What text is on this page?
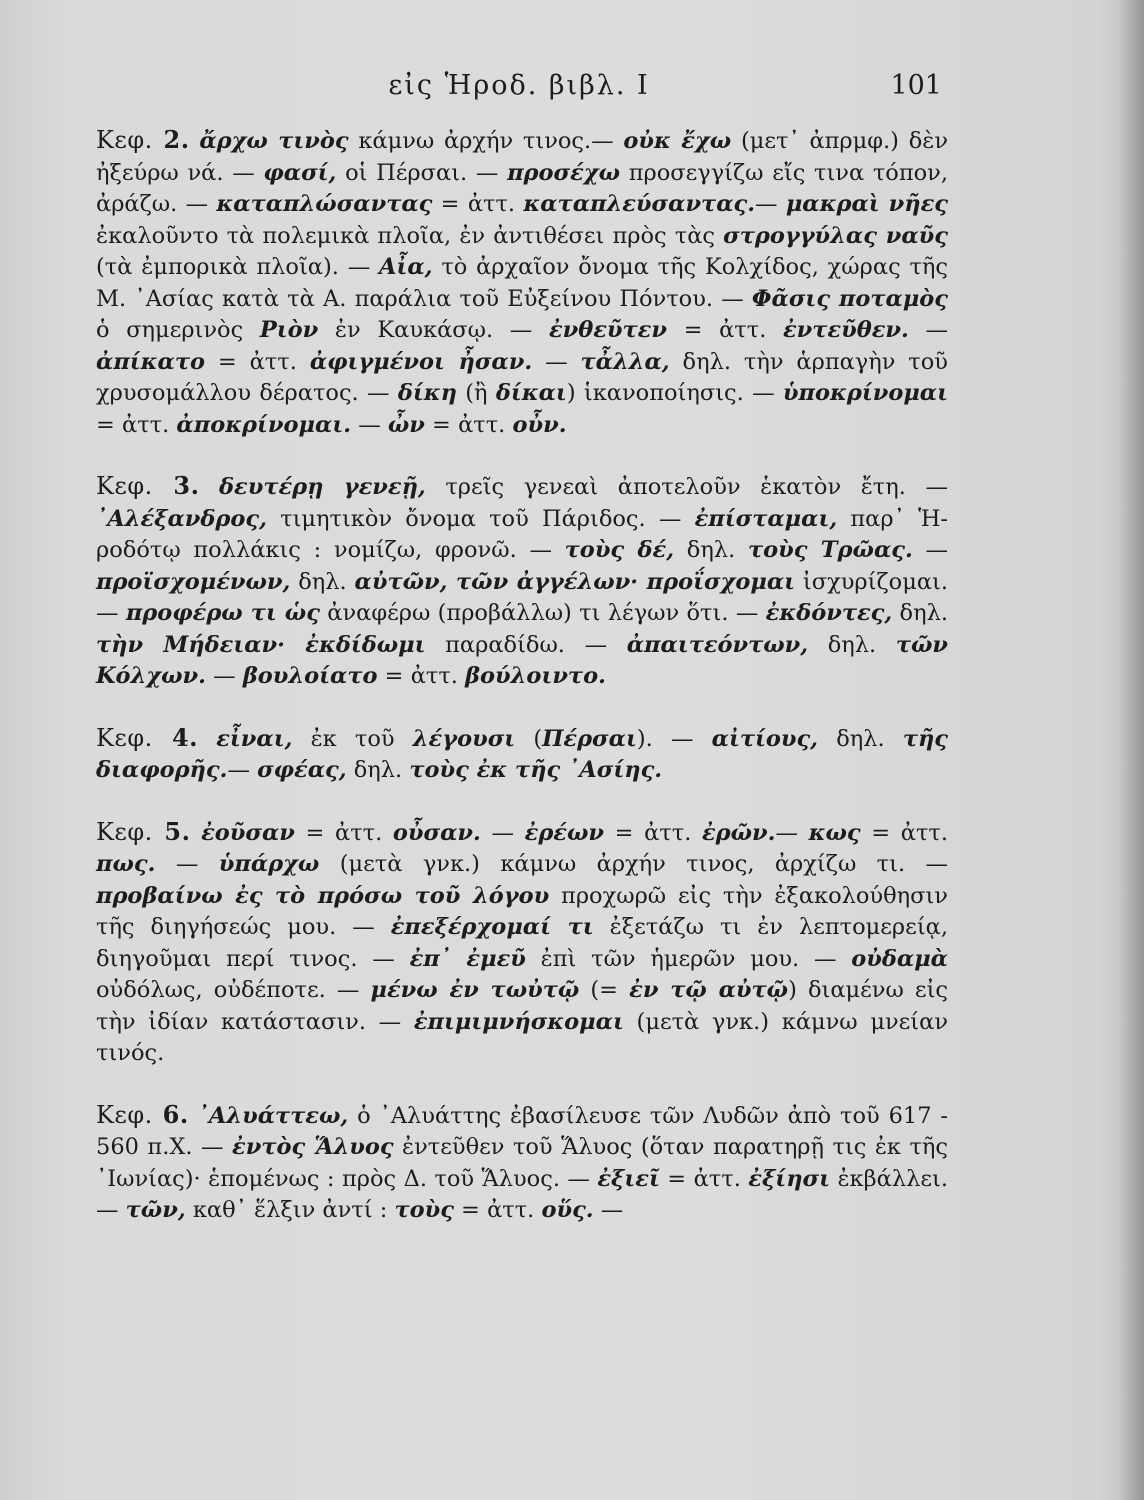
εἰς Ἡροδ. βιβλ. I	101

Κεφ. 2. ἄρχω τινὸς κάμνω ἀρχήν τινος.— οὐκ ἔχω (μετ᾽ ἀπρμφ.) δὲν ἠξεύρω νά. — φασί, οἱ Πέρσαι. — προσέχω προσεγγίζω εἴς τινα τόπον, ἀράζω. — καταπλώσαντας = ἀττ. καταπλεύσαντας.— μακραὶ νῆες ἐκαλοῦντο τὰ πολεμικὰ πλοῖα, ἐν ἀντιθέσει πρὸς τὰς στρογγύλας ναῦς (τὰ ἐμπορικὰ πλοῖα). — Αἶα, τὸ ἀρχαῖον ὄνομα τῆς Κολχίδος, χώρας τῆς Μ. ᾽Ασίας κατὰ τὰ Α. παράλια τοῦ Εὐξείνου Πόντου. — Φᾶσις ποταμὸς ὁ σημερινὸς Ριὸν ἐν Καυκάσῳ. — ἐνθεῦτεν = ἀττ. ἐντεῦθεν. — ἀπίκατο = ἀττ. ἀφιγμένοι ἦσαν. — τἆλλα, δηλ. τὴν ἁρπαγὴν τοῦ χρυσομάλλου δέρατος. — δίκη (ἢ δίκαι) ἱκανοποίησις. — ὑποκρίνομαι = ἀττ. ἀποκρίνομαι. — ὦν = ἀττ. οὖν.

Κεφ. 3. δευτέρῃ γενεῇ, τρεῖς γενεαὶ ἀποτελοῦν ἑκατὸν ἔτη. — ᾽Αλέξανδρος, τιμητικὸν ὄνομα τοῦ Πάριδος. — ἐπίσταμαι, παρ᾽ Ἡροδότῳ πολλάκις : νομίζω, φρονῶ. — τοὺς δέ, δηλ. τοὺς Τρῶας. — προϊσχομένων, δηλ. αὐτῶν, τῶν ἀγγέλων· προΐσχομαι ἰσχυρίζομαι. — προφέρω τι ὡς ἀναφέρω (προβάλλω) τι λέγων ὅτι. — ἐκδόντες, δηλ. τὴν Μήδειαν· ἐκδίδωμι παραδίδω. — ἀπαιτεόντων, δηλ. τῶν Κόλχων. — βουλοίατο = ἀττ. βούλοιντο.

Κεφ. 4. εἶναι, ἐκ τοῦ λέγουσι (Πέρσαι). — αἰτίους, δηλ. τῆς διαφορῆς.— σφέας, δηλ. τοὺς ἐκ τῆς ᾽Ασίης.

Κεφ. 5. ἐοῦσαν = ἀττ. οὖσαν. — ἐρέων = ἀττ. ἐρῶν.— κως = ἀττ. πως. — ὑπάρχω (μετὰ γνκ.) κάμνω ἀρχήν τινος, ἀρχίζω τι. — προβαίνω ἐς τὸ πρόσω τοῦ λόγου προχωρῶ εἰς τὴν ἐξακολούθησιν τῆς διηγήσεώς μου. — ἐπεξέρχομαί τι ἐξετάζω τι ἐν λεπτομερείᾳ, διηγοῦμαι περί τινος. — ἐπ᾽ ἐμεῦ ἐπὶ τῶν ἡμερῶν μου. — οὐδαμὰ οὐδόλως, οὐδέποτε. — μένω ἐν τωὐτῷ (= ἐν τῷ αὐτῷ) διαμένω εἰς τὴν ἰδίαν κατάστασιν. — ἐπιμιμνήσκομαι (μετὰ γνκ.) κάμνω μνείαν τινός.

Κεφ. 6. ᾽Αλυάττεω, ὁ ᾽Αλυάττης ἐβασίλευσε τῶν Λυδῶν ἀπὸ τοῦ 617 - 560 π.Χ. — ἐντὸς Ἅλυος ἐντεῦθεν τοῦ Ἅλυος (ὅταν παρατηρῇ τις ἐκ τῆς ᾽Ιωνίας)· ἑπομένως : πρὸς Δ. τοῦ Ἅλυος. — ἐξιεῖ = ἀττ. ἐξίησι ἐκβάλλει. — τῶν, καθ᾽ ἕλξιν ἀντί : τοὺς = ἀττ. οὕς. —
